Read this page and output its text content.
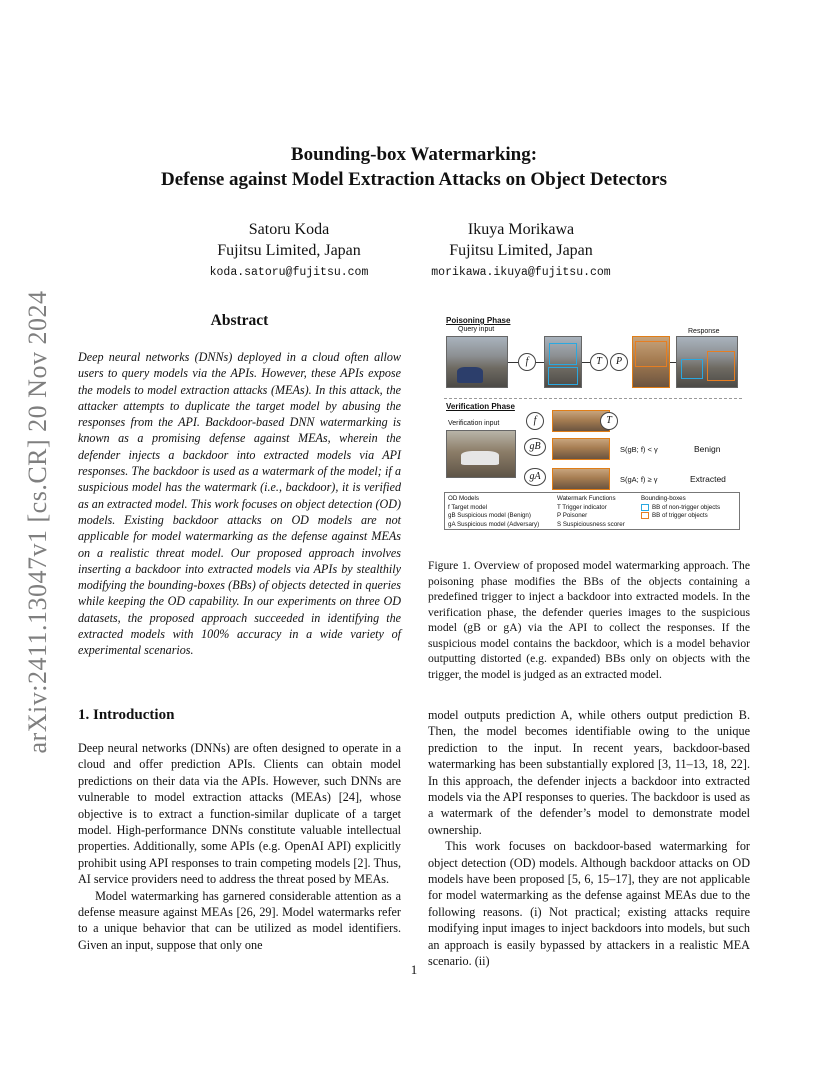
arXiv:2411.13047v1 [cs.CR] 20 Nov 2024
Bounding-box Watermarking:
Defense against Model Extraction Attacks on Object Detectors
Satoru Koda
Fujitsu Limited, Japan
koda.satoru@fujitsu.com
Ikuya Morikawa
Fujitsu Limited, Japan
morikawa.ikuya@fujitsu.com
Abstract
Deep neural networks (DNNs) deployed in a cloud often allow users to query models via the APIs. However, these APIs expose the models to model extraction attacks (MEAs). In this attack, the attacker attempts to duplicate the target model by abusing the responses from the API. Backdoor-based DNN watermarking is known as a promising defense against MEAs, wherein the defender injects a backdoor into extracted models via API responses. The backdoor is used as a watermark of the model; if a suspicious model has the watermark (i.e., backdoor), it is verified as an extracted model. This work focuses on object detection (OD) models. Existing backdoor attacks on OD models are not applicable for model watermarking as the defense against MEAs on a realistic threat model. Our proposed approach involves inserting a backdoor into extracted models via APIs by stealthily modifying the bounding-boxes (BBs) of objects detected in queries while keeping the OD capability. In our experiments on three OD datasets, the proposed approach succeeded in identifying the extracted models with 100% accuracy in a wide variety of experimental scenarios.
Poisoning Phase
Query input	Response
f	T	P
Verification Phase
Verification input	f
gB
gA
T
S(gB; f) < γ	Benign
S(gA; f) ≥ γ	Extracted
OD Models
f Target model
gB Suspicious model (Benign)
gA Suspicious model (Adversary)
Watermark Functions
T Trigger indicator
P Poisoner
S Suspiciousness scorer
Bounding-boxes
BB of non-trigger objects
BB of trigger objects
Figure 1. Overview of proposed model watermarking approach. The poisoning phase modifies the BBs of the objects containing a predefined trigger to inject a backdoor into extracted models. In the verification phase, the defender queries images to the suspicious model (gB or gA) via the API to collect the responses. If the suspicious model contains the backdoor, which is a model behavior outputting distorted (e.g. expanded) BBs only on objects with the trigger, the model is judged as an extracted model.
1. Introduction

Deep neural networks (DNNs) are often designed to operate in a cloud and offer prediction APIs. Clients can obtain model predictions on their data via the APIs. However, such DNNs are vulnerable to model extraction attacks (MEAs) [24], whose objective is to extract a function-similar duplicate of a target model. High-performance DNNs constitute valuable intellectual properties. Additionally, some APIs (e.g. OpenAI API) explicitly prohibit using API responses to train competing models [2]. Thus, AI service providers need to address the threat posed by MEAs.

Model watermarking has garnered considerable attention as a defense measure against MEAs [26, 29]. Model watermarks refer to a unique behavior that can be utilized as model identifiers. Given an input, suppose that only one

model outputs prediction A, while others output prediction B. Then, the model becomes identifiable owing to the unique prediction to the input. In recent years, backdoor-based watermarking has been substantially explored [3, 11–13, 18, 22]. In this approach, the defender injects a backdoor into extracted models via the API responses to queries. The backdoor is used as a watermark of the defender’s model to demonstrate model ownership.

This work focuses on backdoor-based watermarking for object detection (OD) models. Although backdoor attacks on OD models have been proposed [5, 6, 15–17], they are not applicable for model watermarking as the defense against MEAs due to the following reasons. (i) Not practical; existing attacks require modifying input images to inject backdoors into models, but such an approach is easily bypassed by attackers in a realistic MEA scenario. (ii)

1
